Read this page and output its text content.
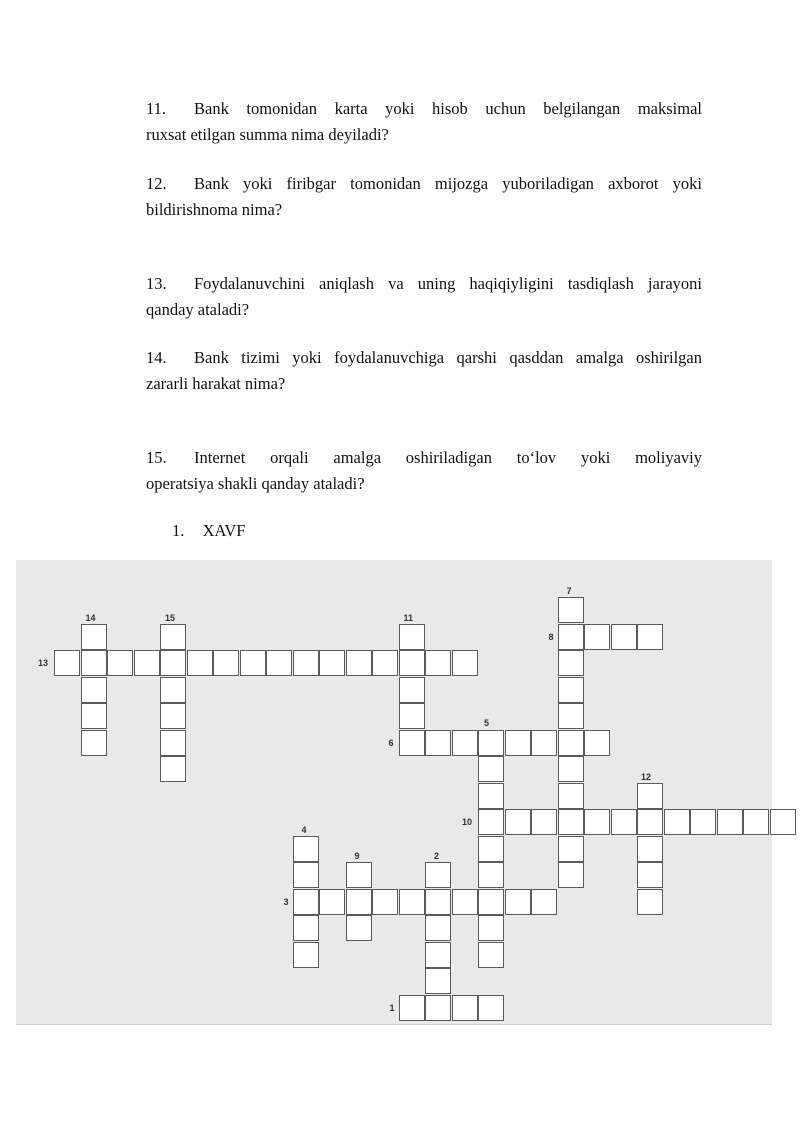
11.	Bank tomonidan karta yoki hisob uchun belgilangan maksimal
ruxsat etilgan summa nima deyiladi?
12.	Bank yoki firibgar tomonidan mijozga yuboriladigan axborot yoki
bildirishnoma nima?
13.	Foydalanuvchini aniqlash va uning haqiqiyligini tasdiqlash jarayoni
qanday ataladi?
14.	Bank tizimi yoki foydalanuvchiga qarshi qasddan amalga oshirilgan
zararli harakat nima?
15.	Internet orqali amalga oshiriladigan to‘lov yoki moliyaviy
operatsiya shakli qanday ataladi?
1. XAVF
13
14	15	11
7
8
5
6
12
10
4
9	2
3
1
